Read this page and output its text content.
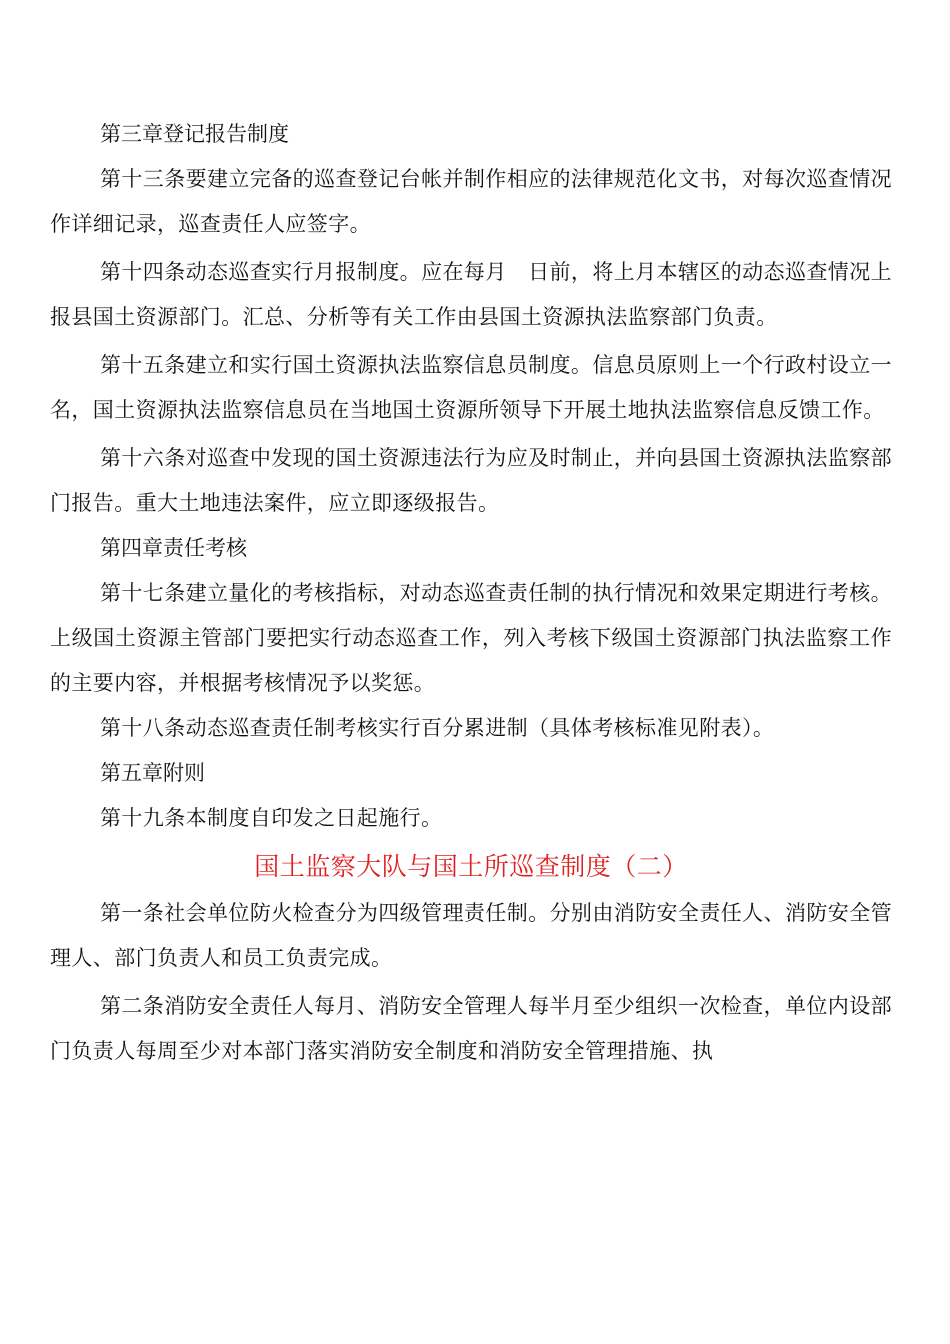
第三章登记报告制度

第十三条要建立完备的巡查登记台帐并制作相应的法律规范化文书，对每次巡查情况作详细记录，巡查责任人应签字。

第十四条动态巡查实行月报制度。应在每月　日前，将上月本辖区的动态巡查情况上报县国土资源部门。汇总、分析等有关工作由县国土资源执法监察部门负责。

第十五条建立和实行国土资源执法监察信息员制度。信息员原则上一个行政村设立一名，国土资源执法监察信息员在当地国土资源所领导下开展土地执法监察信息反馈工作。

第十六条对巡查中发现的国土资源违法行为应及时制止，并向县国土资源执法监察部门报告。重大土地违法案件，应立即逐级报告。

第四章责任考核

第十七条建立量化的考核指标，对动态巡查责任制的执行情况和效果定期进行考核。上级国土资源主管部门要把实行动态巡查工作，列入考核下级国土资源部门执法监察工作的主要内容，并根据考核情况予以奖惩。

第十八条动态巡查责任制考核实行百分累进制（具体考核标准见附表）。

第五章附则

第十九条本制度自印发之日起施行。

国土监察大队与国土所巡查制度（二）

第一条社会单位防火检查分为四级管理责任制。分别由消防安全责任人、消防安全管理人、部门负责人和员工负责完成。

第二条消防安全责任人每月、消防安全管理人每半月至少组织一次检查，单位内设部门负责人每周至少对本部门落实消防安全制度和消防安全管理措施、执
